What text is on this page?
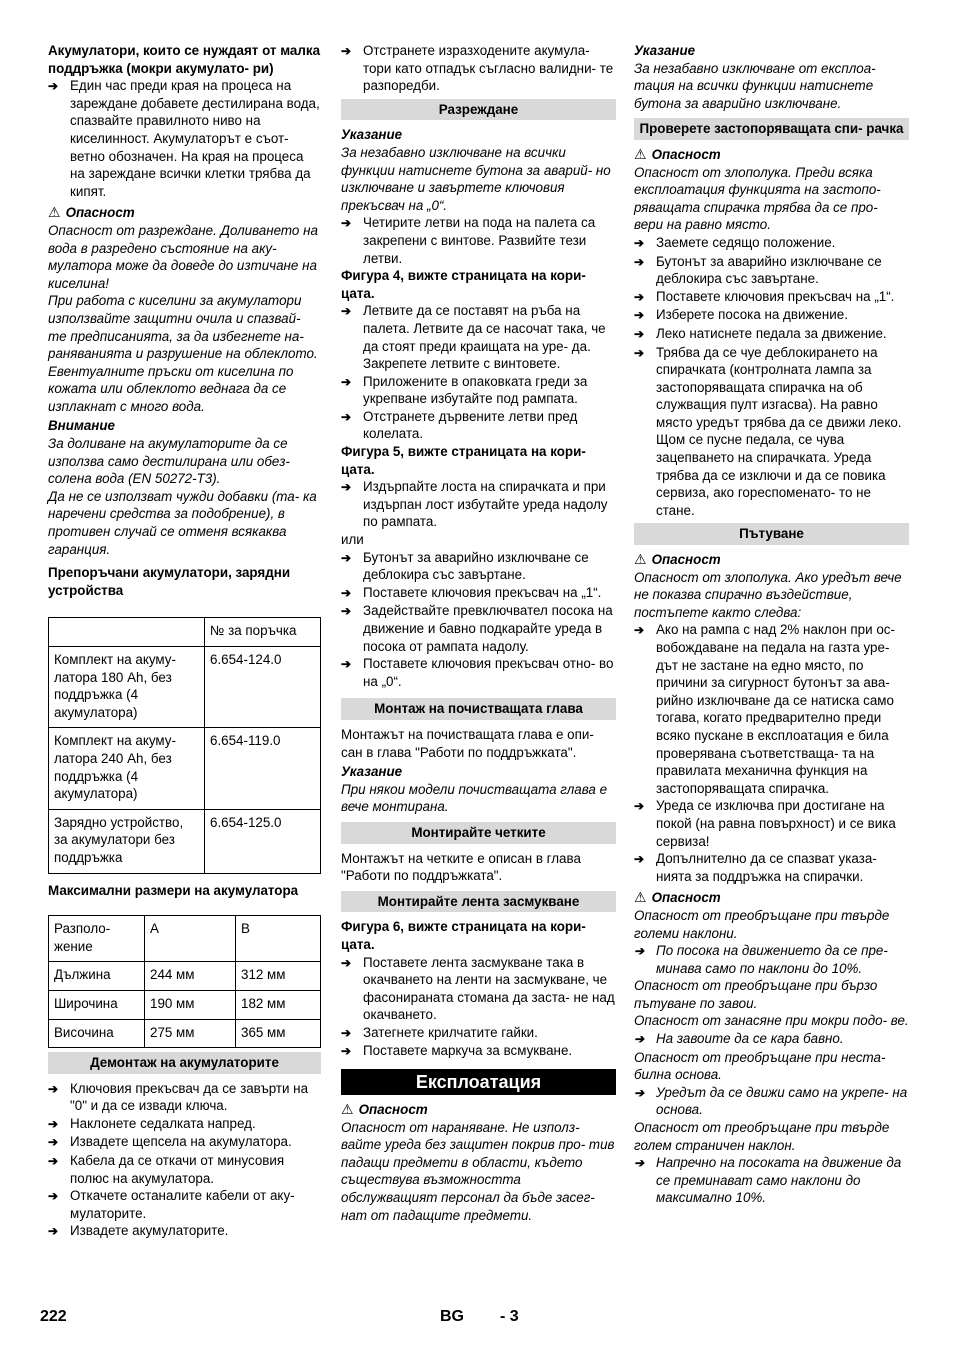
Акумулатори, които се нуждаят от малка поддръжка (мокри акумулато- ри)

➔
Един час преди края на процеса на зареждане добавете дестилирана вода, спазвайте правилното ниво на киселинност. Акумулаторът е съот- ветно обозначен. На края на процеса на зареждане всички клетки трябва да кипят.
⚠ Опасност

Опасност от разреждане. Доливането на вода в разредено състояние на аку- мулатора може да доведе до изтичане на киселина!

При работа с киселини за акумулатори използвайте защитни очила и спазвай- те предписанията, за да избегнете на- раняванията и разрушение на облеклото. Евентуалните пръски от киселина по кожата или облеклото веднага да се изплакнат с много вода.

Внимание

За доливане на акумулаторите да се използва само дестилирана или обез- солена вода (EN 50272-T3).

Да не се използват чужди добавки (та- ка наречени средства за подобрение), в противен случай се отменя всякаква гаранция.

Препоръчани акумулатори, зарядни устройства

	№ за поръчка
Комплект на акуму- латора 180 Ah, без поддръжка (4 акумулатора)	6.654-124.0
Комплект на акуму- латора 240 Ah, без поддръжка (4 акумулатора)	6.654-119.0
Зарядно устройство, за акумулатори без поддръжка	6.654-125.0

Максимални размери на акумулатора

Разполо- жение	A	B
Дължина	244 мм	312 мм
Широчина	190 мм	182 мм
Височина	275 мм	365 мм
Демонтаж на акумулаторите
➔
Ключовия прекъсвач да се завърти на "0" и да се извади ключа.
➔
Наклонете седалката напред.
➔
Извадете щепсела на акумулатора.
➔
Кабела да се откачи от минусовия полюс на акумулатора.
➔
Откачете останалите кабели от аку- мулаторите.
➔
Извадете акумулаторите.
➔
Отстранете изразходените акумула- тори като отпадък съгласно валидни- те разпоредби.
Разреждане

Указание

За незабавно изключване на всички функции натиснете бутона за аварий- но изключване и завъртете ключовия прекъсвач на „0“.

➔
Четирите летви на пода на палета са закрепени с винтове. Развийте тези летви.

Фигура 4, вижте страницата на кори- цата.

➔
Летвите да се поставят на ръба на палета. Летвите да се насочат така, че да стоят преди краищата на уре- да. Закрепете летвите с винтовете.
➔
Приложените в опаковката греди за укрепване избутайте под рампата.
➔
Отстранете дървените летви пред колелата.

Фигура 5, вижте страницата на кори- цата.

➔
Издърпайте лоста на спирачката и при издърпан лост избутайте уреда надолу по рампата.

или

➔
Бутонът за аварийно изключване се деблокира със завъртане.
➔
Поставете ключовия прекъсвач на „1“.
➔
Задействайте превключвател посока на движение и бавно подкарайте уреда в посока от рампата надолу.
➔
Поставете ключовия прекъсвач отно- во на „0“.
Монтаж на почистващата глава

Монтажът на почистващата глава е опи- сан в глава "Работи по поддръжката".

Указание

При някои модели почистващата глава е вече монтирана.

Монтирайте четките

Монтажът на четките е описан в глава "Работи по поддръжката".

Монтирайте лента засмукване

Фигура 6, вижте страницата на кори- цата.

➔
Поставете лента засмукване така в окачването на ленти на засмукване, че фасонираната стомана да заста- не над окачването.
➔
Затегнете крилчатите гайки.
➔
Поставете маркуча за всмукване.
Експлоатация
⚠ Опасност

Опасност от нараняване. Не използ- вайте уреда без защитен покрив про- тив падащи предмети в области, където съществува възможността обслужващият персонал да бъде засег- нат от падащите предмети.

Указание

За незабавно изключване от експлоа- тация на всички функции натиснете бутона за аварийно изключване.

Проверете застопоряващата спи- рачка
⚠ Опасност

Опасност от злополука. Преди всяка експлоатация функцията на застопо- ряващата спирачка трябва да се про- вери на равно място.

➔
Заемете седящо положение.
➔
Бутонът за аварийно изключване се деблокира със завъртане.
➔
Поставете ключовия прекъсвач на „1“.
➔
Изберете посока на движение.
➔
Леко натиснете педала за движение.
➔
Трябва да се чуе деблокирането на спирачката (контролната лампа за застопоряващата спирачка на об служващия пулт изгасва). На равно място уредът трябва да се движи леко. Щом се пусне педала, се чува зацепването на спирачката. Уреда трябва да се изключи и да се повика сервиза, ако гореспоменато- то не стане.
Пътуване
⚠ Опасност

Опасност от злополука. Ако уредът вече не показва спирачно въздействие, постъпете както следва:

➔
Ако на рампа с над 2% наклон при ос- вобождаване на педала на газта уре- дът не застане на едно място, по причини за сигурност бутонът за ава- рийно изключване да се натиска само тогава, когато предварително преди всяко пускане в експлоатация е била проверявана съответстваща- та на правилата механична функция на застопоряващата спирачка.
➔
Уреда се изключва при достигане на покой (на равна повърхност) и се вика сервиза!
➔
Допълнително да се спазват указа- нията за поддръжка на спирачки.
⚠ Опасност

Опасност от преобръщане при твърде големи наклони.

➔
По посока на движението да се пре- минава само по наклони до 10%.

Опасност от преобръщане при бързо пътуване по завои.

Опасност от занасяне при мокри подо- ве.

➔
На завоите да се кара бавно.

Опасност от преобръщане при неста- билна основа.

➔
Уредът да се движи само на укрепе- на основа.

Опасност от преобръщане при твърде голем страничен наклон.

➔
Напречно на посоката на движение да се преминават само наклони до максимално 10%.
222	BG - 3
